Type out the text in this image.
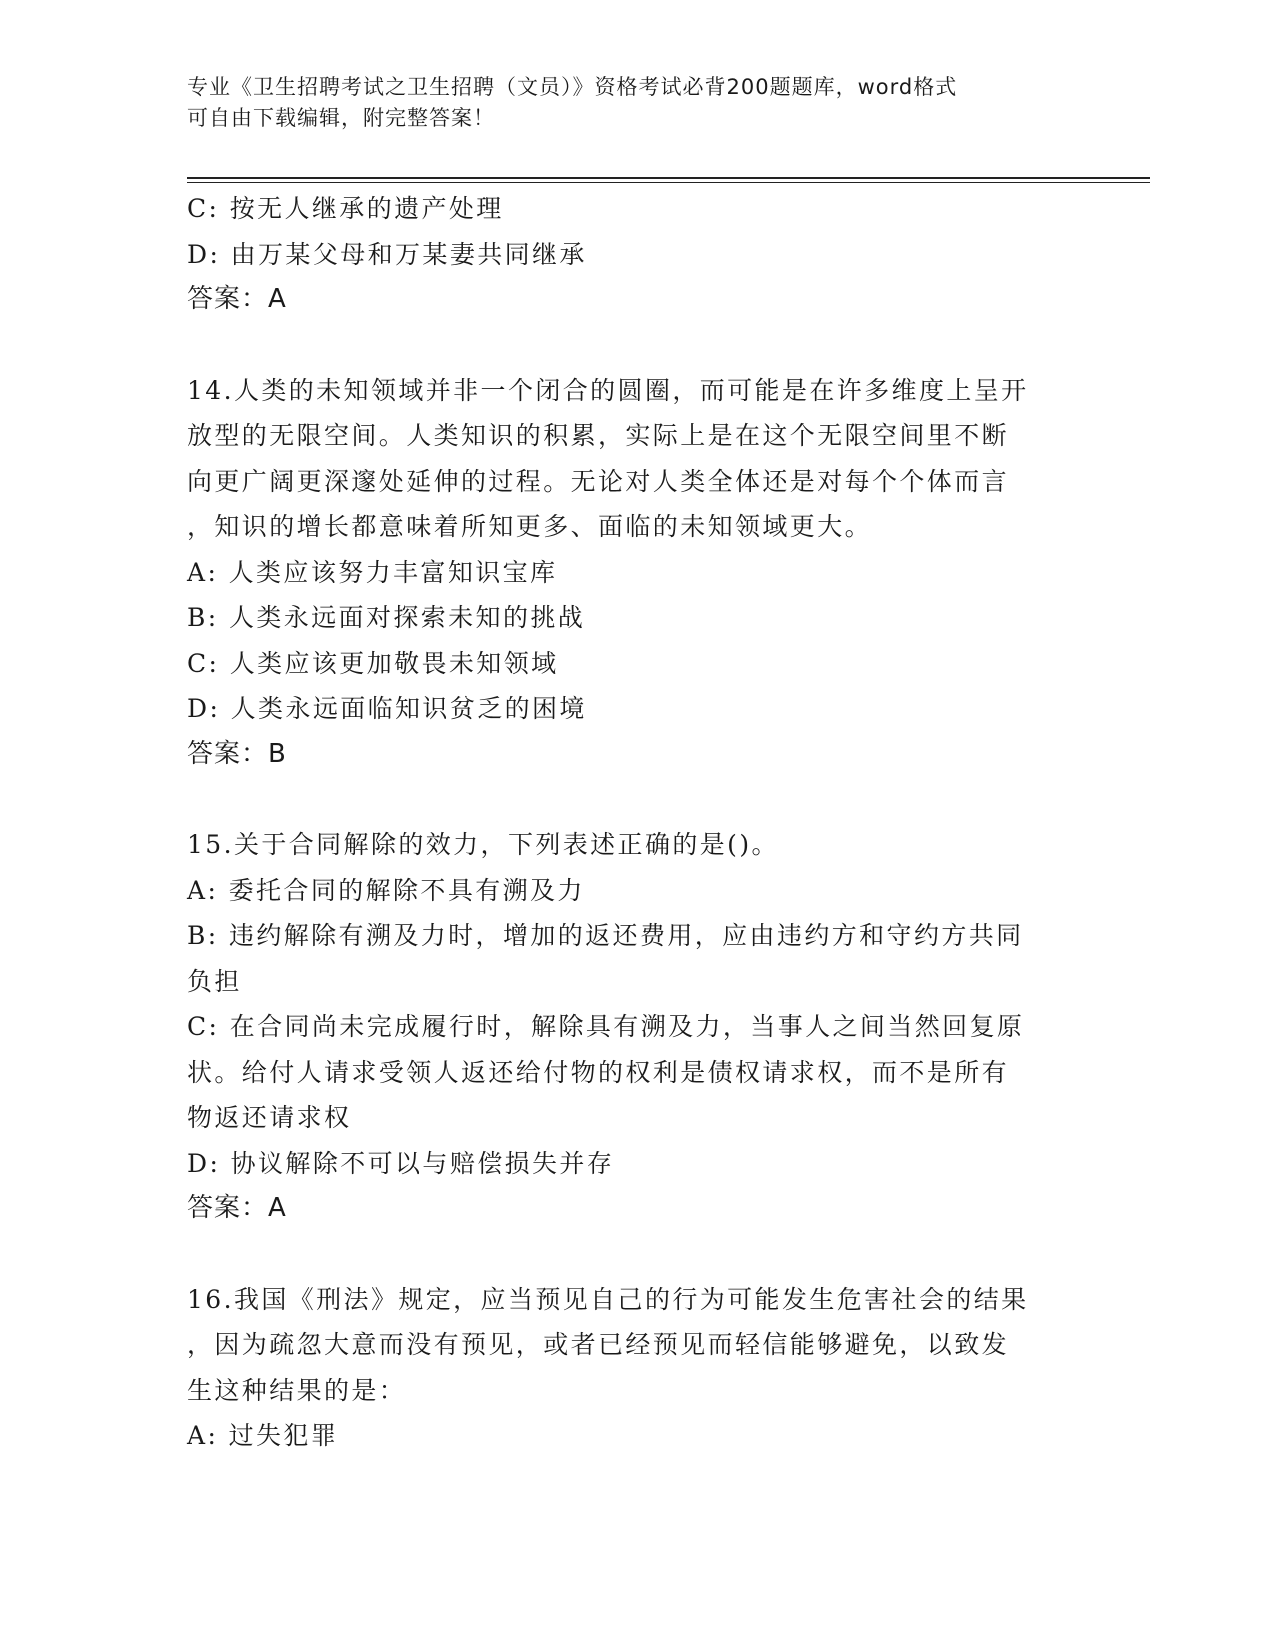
专业《卫生招聘考试之卫生招聘（文员）》资格考试必背200题题库，word格式
可自由下载编辑，附完整答案！
C: 按无人继承的遗产处理
D: 由万某父母和万某妻共同继承
答案：A
14.人类的未知领域并非一个闭合的圆圈，而可能是在许多维度上呈开
放型的无限空间。人类知识的积累，实际上是在这个无限空间里不断
向更广阔更深邃处延伸的过程。无论对人类全体还是对每个个体而言
，知识的增长都意味着所知更多、面临的未知领域更大。
A: 人类应该努力丰富知识宝库
B: 人类永远面对探索未知的挑战
C: 人类应该更加敬畏未知领域
D: 人类永远面临知识贫乏的困境
答案：B
15.关于合同解除的效力，下列表述正确的是()。
A: 委托合同的解除不具有溯及力
B: 违约解除有溯及力时，增加的返还费用，应由违约方和守约方共同
负担
C: 在合同尚未完成履行时，解除具有溯及力，当事人之间当然回复原
状。给付人请求受领人返还给付物的权利是债权请求权，而不是所有
物返还请求权
D: 协议解除不可以与赔偿损失并存
答案：A
16.我国《刑法》规定，应当预见自己的行为可能发生危害社会的结果
，因为疏忽大意而没有预见，或者已经预见而轻信能够避免，以致发
生这种结果的是：
A: 过失犯罪
